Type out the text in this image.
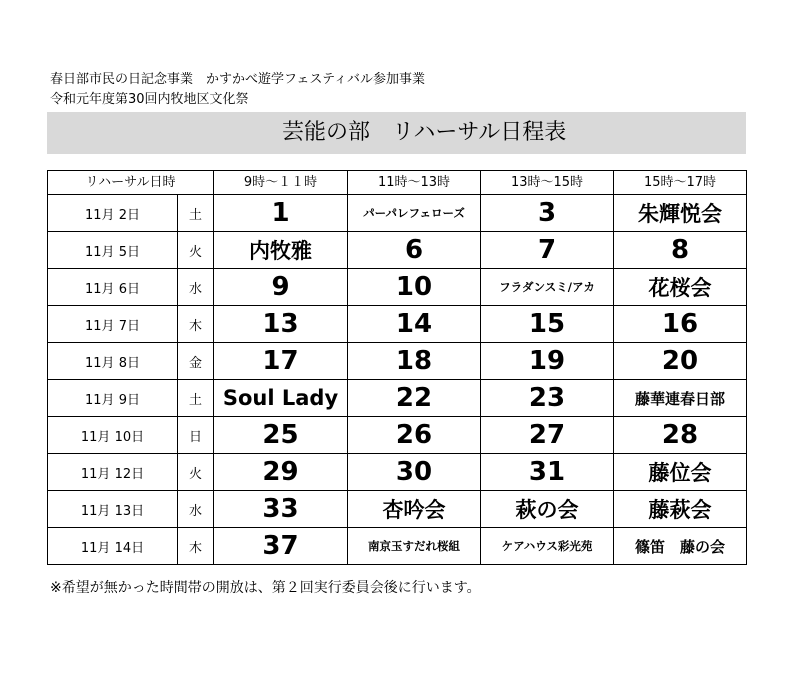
春日部市民の日記念事業　かすかべ遊学フェスティバル参加事業
令和元年度第30回内牧地区文化祭
芸能の部　リハーサル日程表
リハーサル日時		9時～１１時	11時～13時	13時～15時	15時～17時
11月 2日	土	1	パーパレフェローズ	3	朱輝悦会
11月 5日	火	内牧雅	6	7	8
11月 6日	水	9	10	フラダンスミ/アカ	花桜会
11月 7日	木	13	14	15	16
11月 8日	金	17	18	19	20
11月 9日	土	Soul Lady	22	23	藤華連春日部
11月 10日	日	25	26	27	28
11月 12日	火	29	30	31	藤位会
11月 13日	水	33	杏吟会	萩の会	藤萩会
11月 14日	木	37	南京玉すだれ桜組	ケアハウス彩光苑	篠笛　藤の会
※希望が無かった時間帯の開放は、第２回実行委員会後に行います。
